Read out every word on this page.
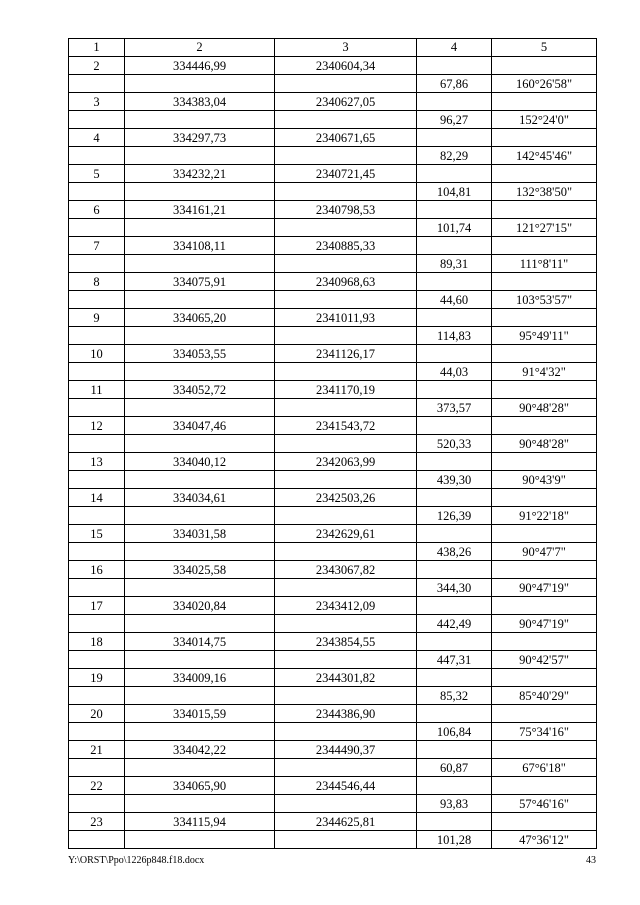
1	2	3	4	5
2	334446,99	2340604,34		
			67,86	160°26'58"
3	334383,04	2340627,05		
			96,27	152°24'0"
4	334297,73	2340671,65		
			82,29	142°45'46"
5	334232,21	2340721,45		
			104,81	132°38'50"
6	334161,21	2340798,53		
			101,74	121°27'15"
7	334108,11	2340885,33		
			89,31	111°8'11"
8	334075,91	2340968,63		
			44,60	103°53'57"
9	334065,20	2341011,93		
			114,83	95°49'11"
10	334053,55	2341126,17		
			44,03	91°4'32"
11	334052,72	2341170,19		
			373,57	90°48'28"
12	334047,46	2341543,72		
			520,33	90°48'28"
13	334040,12	2342063,99		
			439,30	90°43'9"
14	334034,61	2342503,26		
			126,39	91°22'18"
15	334031,58	2342629,61		
			438,26	90°47'7"
16	334025,58	2343067,82		
			344,30	90°47'19"
17	334020,84	2343412,09		
			442,49	90°47'19"
18	334014,75	2343854,55		
			447,31	90°42'57"
19	334009,16	2344301,82		
			85,32	85°40'29"
20	334015,59	2344386,90		
			106,84	75°34'16"
21	334042,22	2344490,37		
			60,87	67°6'18"
22	334065,90	2344546,44		
			93,83	57°46'16"
23	334115,94	2344625,81		
			101,28	47°36'12"
Y:\ORST\Ppo\1226p848.f18.docx	43
